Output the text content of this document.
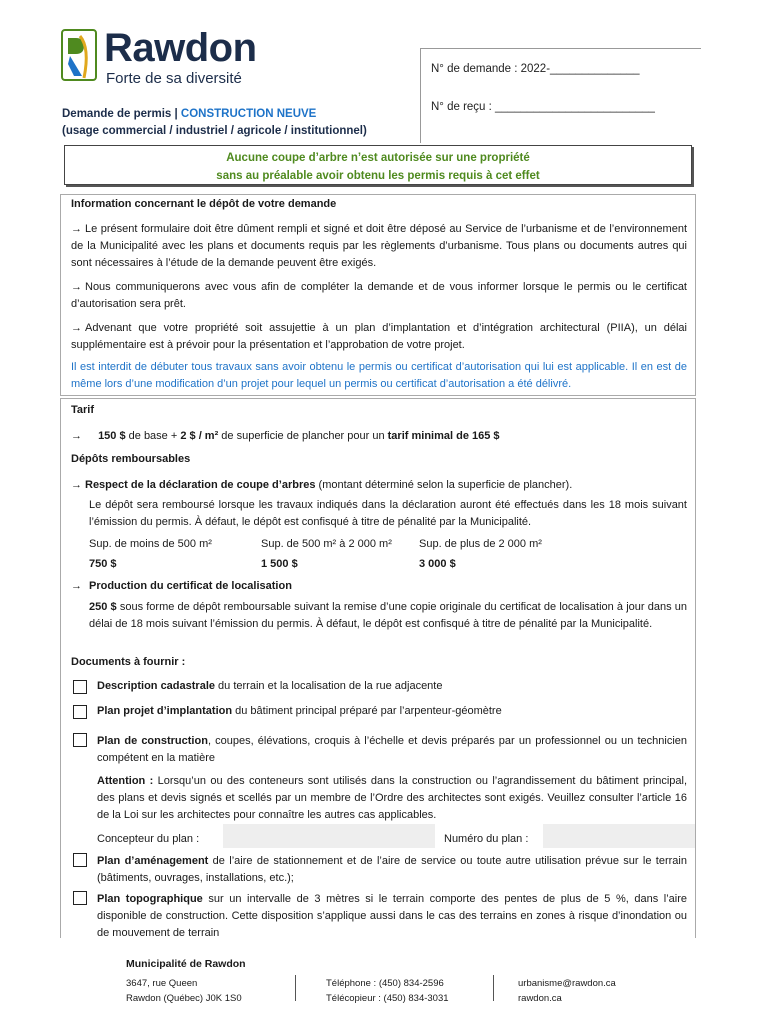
Rawdon
Forte de sa diversité
N° de demande : 2022-______________
N° de reçu : _________________________
Demande de permis | CONSTRUCTION NEUVE
(usage commercial / industriel / agricole / institutionnel)
Aucune coupe d’arbre n’est autorisée sur une propriété
sans au préalable avoir obtenu les permis requis à cet effet
Information concernant le dépôt de votre demande
→ Le présent formulaire doit être dûment rempli et signé et doit être déposé au Service de l’urbanisme et de l’environnement de la Municipalité avec les plans et documents requis par les règlements d’urbanisme. Tous plans ou documents autres qui sont nécessaires à l’étude de la demande peuvent être exigés.
→ Nous communiquerons avec vous afin de compléter la demande et de vous informer lorsque le permis ou le certificat d’autorisation sera prêt.
→ Advenant que votre propriété soit assujettie à un plan d’implantation et d’intégration architectural (PIIA), un délai supplémentaire est à prévoir pour la présentation et l’approbation de votre projet.
Il est interdit de débuter tous travaux sans avoir obtenu le permis ou certificat d’autorisation qui lui est applicable. Il en est de même lors d’une modification d’un projet pour lequel un permis ou certificat d’autorisation a été délivré.
Tarif
→ 150 $ de base + 2 $ / m² de superficie de plancher pour un tarif minimal de 165 $
Dépôts remboursables
→ Respect de la déclaration de coupe d’arbres (montant déterminé selon la superficie de plancher).
Le dépôt sera remboursé lorsque les travaux indiqués dans la déclaration auront été effectués dans les 18 mois suivant l’émission du permis. À défaut, le dépôt est confisqué à titre de pénalité par la Municipalité.
Sup. de moins de 500 m²	Sup. de 500 m² à 2 000 m² Sup. de plus de 2 000 m²
750 $	1 500 $	3 000 $
→ Production du certificat de localisation
250 $ sous forme de dépôt remboursable suivant la remise d’une copie originale du certificat de localisation à jour dans un délai de 18 mois suivant l’émission du permis. À défaut, le dépôt est confisqué à titre de pénalité par la Municipalité.
Documents à fournir :
Description cadastrale du terrain et la localisation de la rue adjacente
Plan projet d’implantation du bâtiment principal préparé par l’arpenteur-géomètre
Plan de construction, coupes, élévations, croquis à l’échelle et devis préparés par un professionnel ou un technicien compétent en la matière
Attention : Lorsqu’un ou des conteneurs sont utilisés dans la construction ou l’agrandissement du bâtiment principal, des plans et devis signés et scellés par un membre de l’Ordre des architectes sont exigés. Veuillez consulter l’article 16 de la Loi sur les architectes pour connaître les autres cas applicables.
Concepteur du plan :	Numéro du plan :
Plan d’aménagement de l’aire de stationnement et de l’aire de service ou toute autre utilisation prévue sur le terrain (bâtiments, ouvrages, installations, etc.);
Plan topographique sur un intervalle de 3 mètres si le terrain comporte des pentes de plus de 5 %, dans l’aire disponible de construction. Cette disposition s’applique aussi dans le cas des terrains en zones à risque d’inondation ou de mouvement de terrain
Municipalité de Rawdon
3647, rue Queen
Rawdon (Québec) J0K 1S0
Téléphone : (450) 834-2596
Télécopieur : (450) 834-3031
urbanisme@rawdon.ca
rawdon.ca
